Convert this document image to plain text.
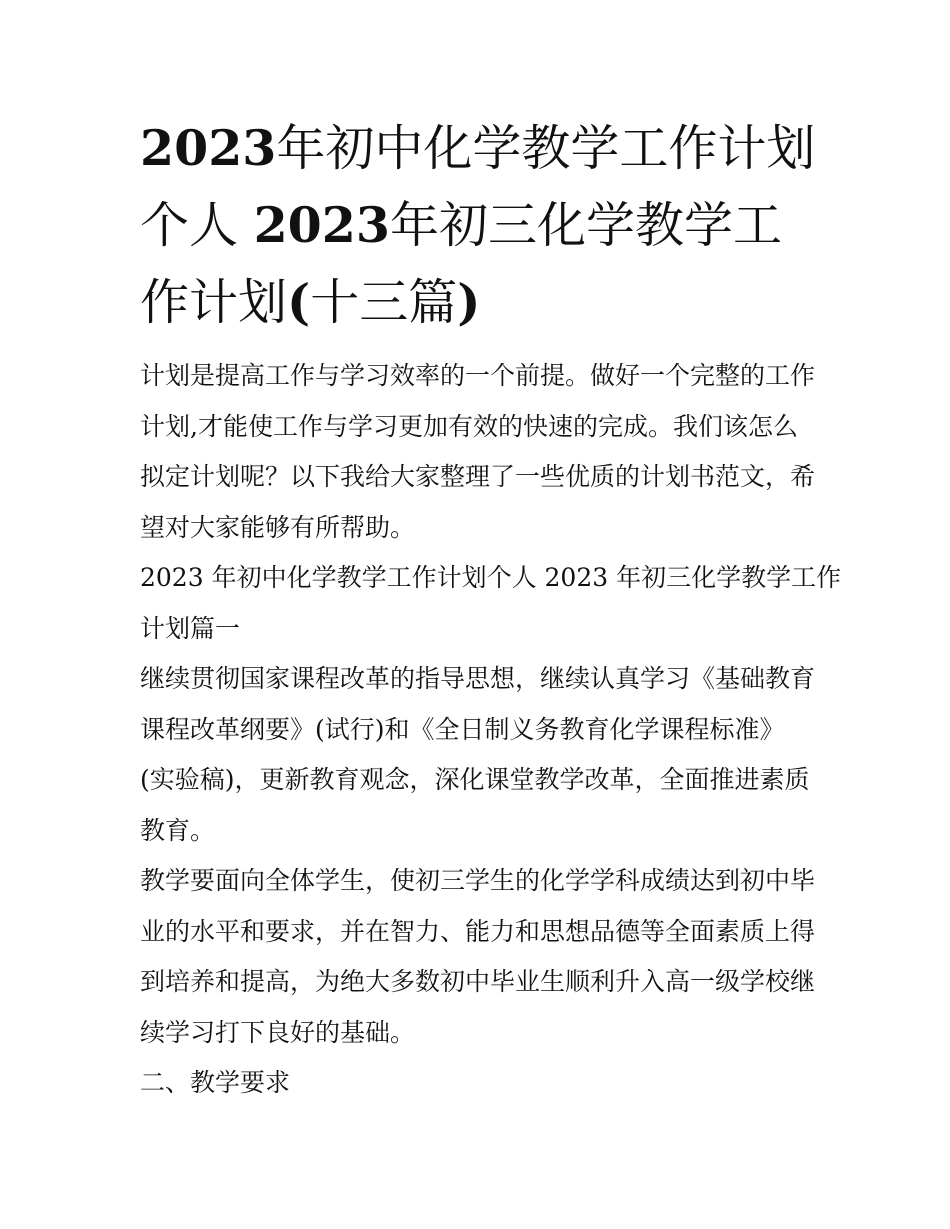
2023年初中化学教学工作计划
个人 2023年初三化学教学工
作计划(十三篇)

计划是提高工作与学习效率的一个前提。做好一个完整的工作
计划,才能使工作与学习更加有效的快速的完成。我们该怎么
拟定计划呢？以下我给大家整理了一些优质的计划书范文，希
望对大家能够有所帮助。

2023 年初中化学教学工作计划个人 2023 年初三化学教学工作
计划篇一

继续贯彻国家课程改革的指导思想，继续认真学习《基础教育
课程改革纲要》(试行)和《全日制义务教育化学课程标准》
(实验稿)，更新教育观念，深化课堂教学改革，全面推进素质
教育。

教学要面向全体学生，使初三学生的化学学科成绩达到初中毕
业的水平和要求，并在智力、能力和思想品德等全面素质上得
到培养和提高，为绝大多数初中毕业生顺利升入高一级学校继
续学习打下良好的基础。

二、教学要求
